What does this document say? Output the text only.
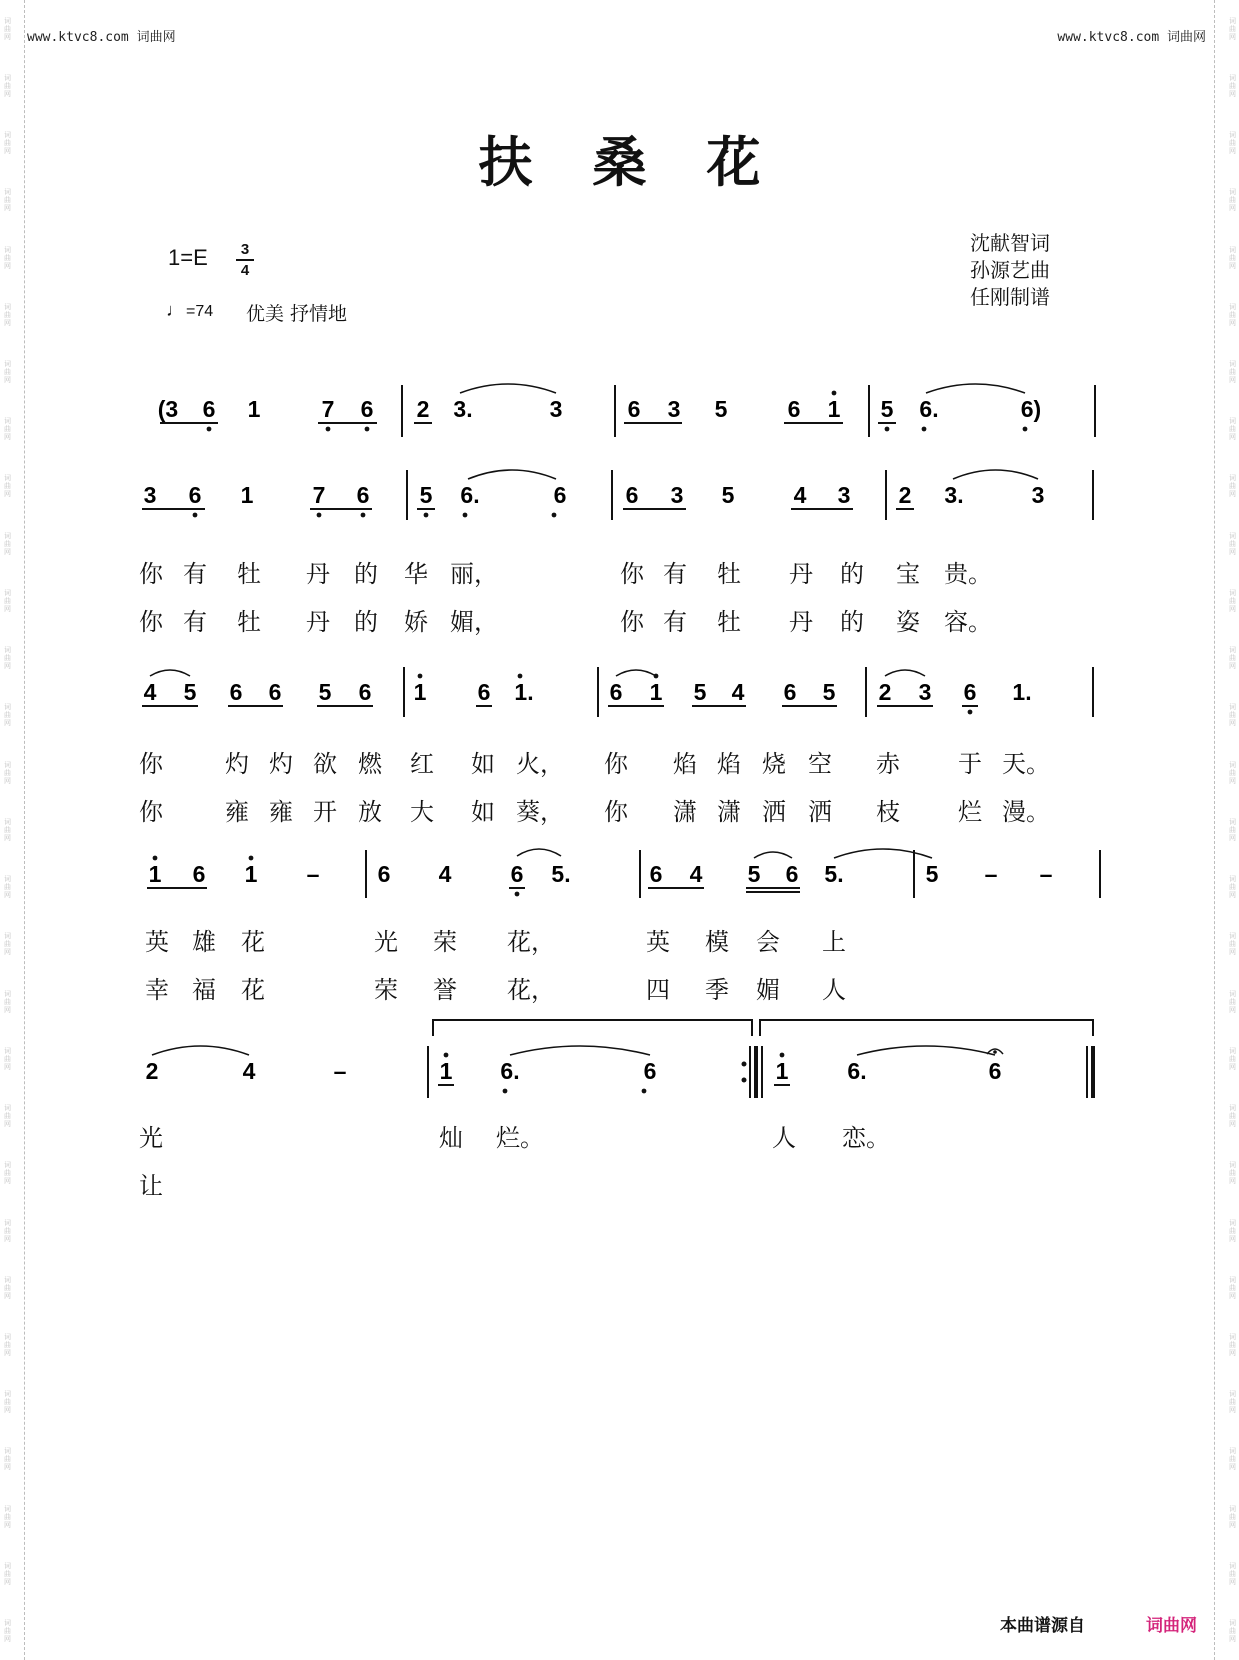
词曲网
词曲网
词曲网
词曲网
词曲网
词曲网
词曲网
词曲网
词曲网
词曲网
词曲网
词曲网
词曲网
词曲网
词曲网
词曲网
词曲网
词曲网
词曲网
词曲网
词曲网
词曲网
词曲网
词曲网
词曲网
词曲网
词曲网
词曲网
词曲网
词曲网
词曲网
词曲网
词曲网
词曲网
词曲网
词曲网
词曲网
词曲网
词曲网
词曲网
词曲网
词曲网
词曲网
词曲网
词曲网
词曲网
词曲网
词曲网
词曲网
词曲网
词曲网
词曲网
词曲网
词曲网
词曲网
词曲网
词曲网
词曲网
www.ktvc8.com 词曲网	www.ktvc8.com 词曲网
扶桑花
1=E	3
4
♩ =74 优美 抒情地
沈献智词
孙源艺曲
任刚制谱
(3 6 1	7 6 2 3.	3	6 3 5	6 1 5 6.	6)
3 6 1	7 6 5 6.	6	6 3 5	4 3 2 3.	3
4 5 6 6 5 6 1 6 1.	6 1 5 4 6 5 2 3 6 1.
1 6 1 –	6 4	6 5.	6 4 5 6 5.	5 – –
2	4	–	1 6.	6	1	6.	6
你 有 牡 丹 的 华 丽，	你 有 牡 丹 的 宝 贵。
你 有 牡 丹 的 娇 媚，	你 有 牡 丹 的 姿 容。
你	灼 灼 欲 燃 红 如 火， 你 焰 焰 烧 空 赤 于 天。
你	雍 雍 开 放 大 如 葵， 你 潇 潇 洒 洒 枝 烂 漫。
英 雄 花	光 荣 花，	英 模 会 上
幸 福 花	荣 誉 花，	四 季 媚 人
光	灿 烂。	人 恋。
让
本曲谱源自	词曲网
